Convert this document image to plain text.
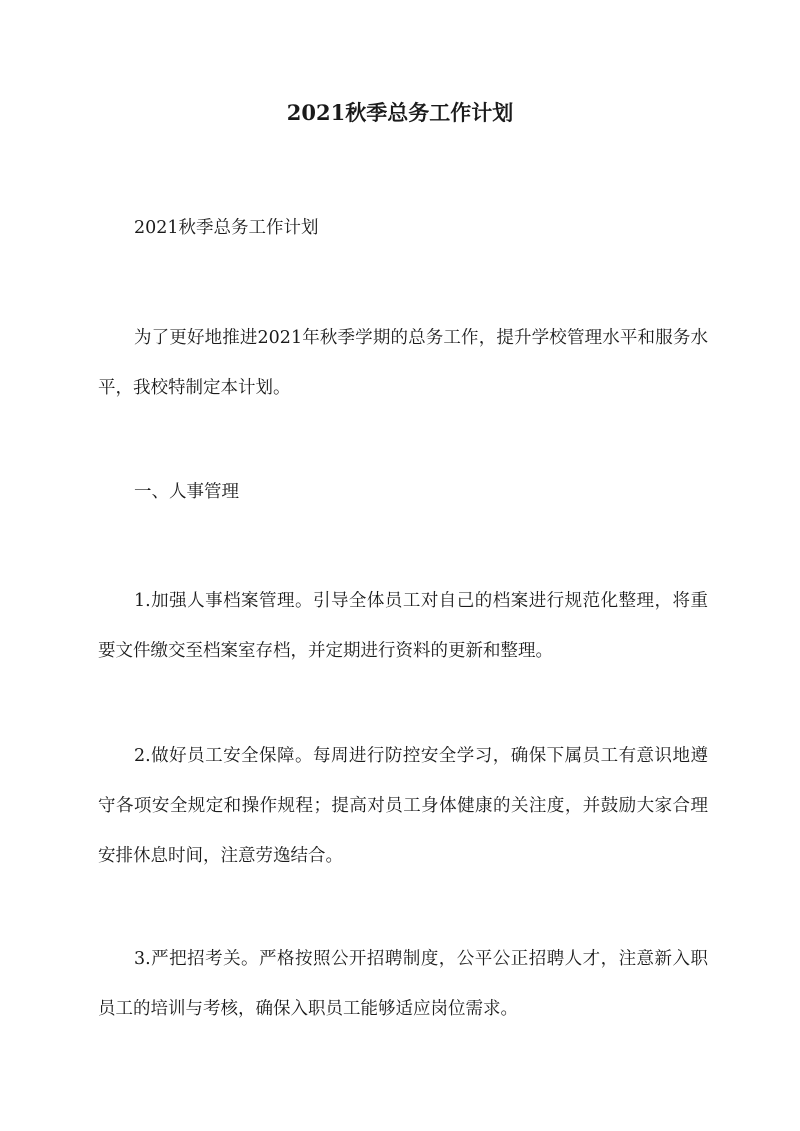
2021秋季总务工作计划

2021秋季总务工作计划

为了更好地推进2021年秋季学期的总务工作，提升学校管理水平和服务水平，我校特制定本计划。

一、人事管理

1.加强人事档案管理。引导全体员工对自己的档案进行规范化整理，将重要文件缴交至档案室存档，并定期进行资料的更新和整理。

2.做好员工安全保障。每周进行防控安全学习，确保下属员工有意识地遵守各项安全规定和操作规程；提高对员工身体健康的关注度，并鼓励大家合理安排休息时间，注意劳逸结合。

3.严把招考关。严格按照公开招聘制度，公平公正招聘人才，注意新入职员工的培训与考核，确保入职员工能够适应岗位需求。
